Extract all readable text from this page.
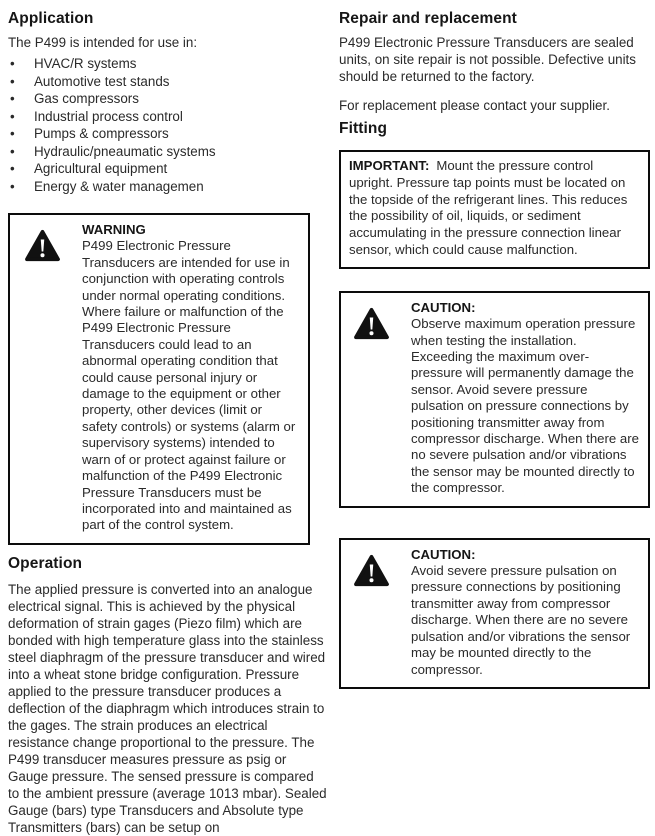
Application

The P499 is intended for use in:

•	HVAC/R systems
•	Automotive test stands
•	Gas compressors
•	Industrial process control
•	Pumps & compressors
•	Hydraulic/pneaumatic systems
•	Agricultural equipment
•	Energy & water managemen
WARNING
P499 Electronic Pressure Transducers are intended for use in conjunction with operating controls under normal operating conditions. Where failure or malfunction of the P499 Electronic Pressure Transducers could lead to an abnormal operating condition that could cause personal injury or damage to the equipment or other property, other devices (limit or safety controls) or systems (alarm or supervisory systems) intended to warn of or protect against failure or malfunction of the P499 Electronic Pressure Transducers must be incorporated into and maintained as part of the control system.
Operation

The applied pressure is converted into an analogue electrical signal. This is achieved by the physical deformation of strain gages (Piezo film) which are bonded with high temperature glass into the stainless steel diaphragm of the pressure transducer and wired into a wheat stone bridge configuration. Pressure applied to the pressure transducer produces a deflection of the diaphragm which introduces strain to the gages. The strain produces an electrical resistance change proportional to the pressure. The P499 transducer measures pressure as psig or Gauge pressure. The sensed pressure is compared to the ambient pressure (average 1013 mbar). Sealed Gauge (bars) type Transducers and Absolute type Transmitters (bars) can be setup on

Repair and replacement

P499 Electronic Pressure Transducers are sealed units, on site repair is not possible. Defective units should be returned to the factory.

For replacement please contact your supplier.

Fitting
IMPORTANT: Mount the pressure control upright. Pressure tap points must be located on the topside of the refrigerant lines. This reduces the possibility of oil, liquids, or sediment accumulating in the pressure connection linear sensor, which could cause malfunction.
CAUTION:
Observe maximum operation pressure when testing the installation. Exceeding the maximum over-pressure will permanently damage the sensor. Avoid severe pressure pulsation on pressure connections by positioning transmitter away from compressor discharge. When there are no severe pulsation and/or vibrations the sensor may be mounted directly to the compressor.
CAUTION:
Avoid severe pressure pulsation on pressure connections by positioning transmitter away from compressor discharge. When there are no severe pulsation and/or vibrations the sensor may be mounted directly to the compressor.
